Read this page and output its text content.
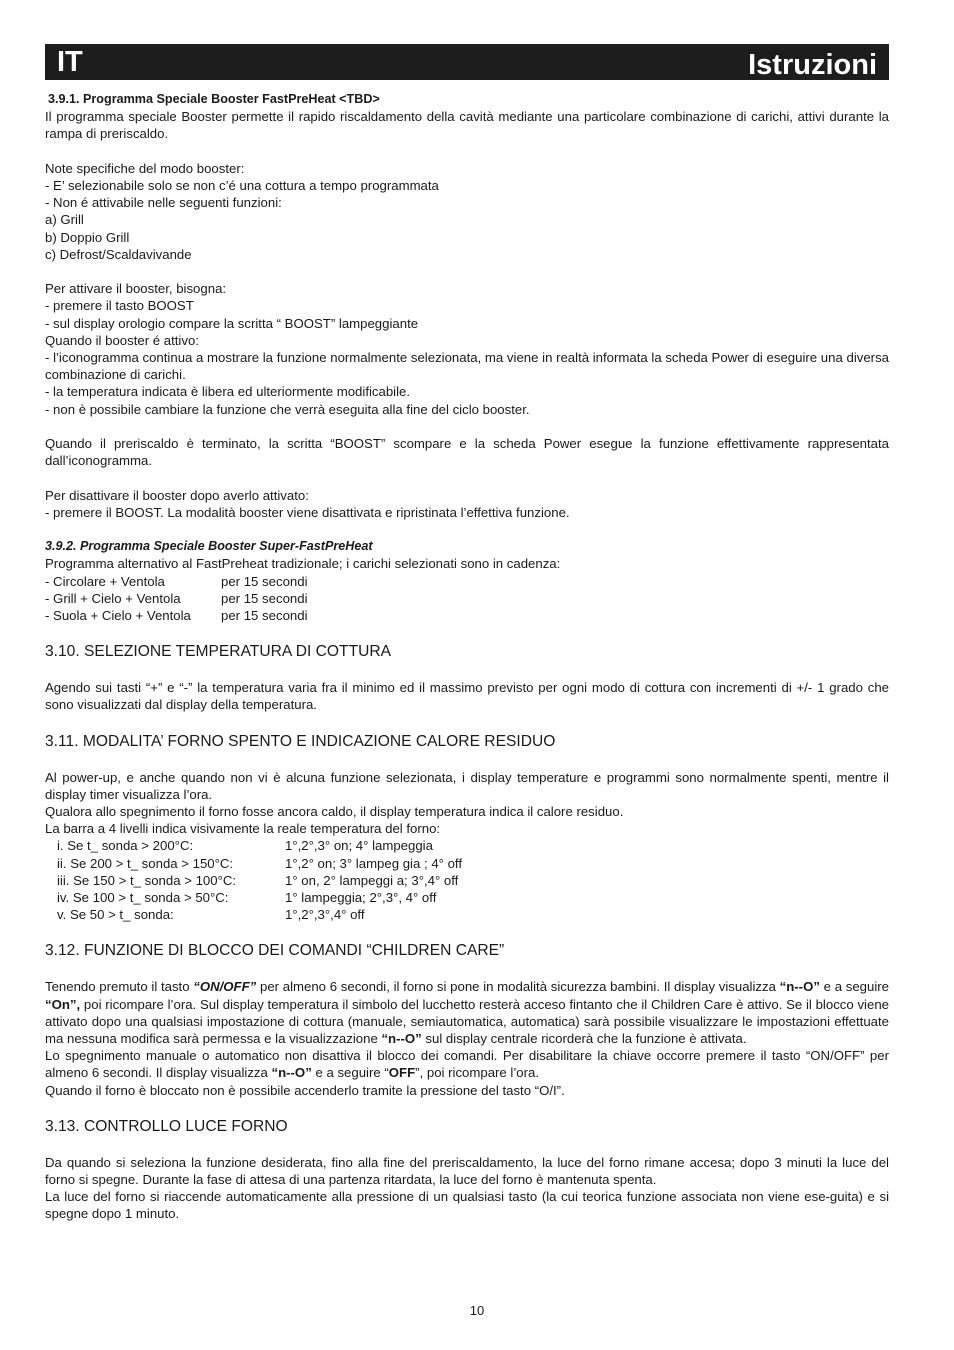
IT	Istruzioni

3.9.1. Programma Speciale Booster FastPreHeat <TBD>

Il programma speciale Booster permette il rapido riscaldamento della cavità mediante una particolare combinazione di carichi, attivi durante la rampa di preriscaldo.

Note specifiche del modo booster:

- E’ selezionabile solo se non c’é una cottura a tempo programmata

- Non é attivabile nelle seguenti funzioni:

a) Grill

b) Doppio Grill

c) Defrost/Scaldavivande

Per attivare il booster, bisogna:

- premere il tasto BOOST

- sul display orologio compare la scritta “ BOOST” lampeggiante

Quando il booster é attivo:

- l’iconogramma continua a mostrare la funzione normalmente selezionata, ma viene in realtà informata la scheda Power di eseguire una diversa combinazione di carichi.

- la temperatura indicata è libera ed ulteriormente modificabile.

- non è possibile cambiare la funzione che verrà eseguita alla fine del ciclo booster.

Quando il preriscaldo è terminato, la scritta “BOOST” scompare e la scheda Power esegue la funzione effettivamente rappresentata dall’iconogramma.

Per disattivare il booster dopo averlo attivato:

- premere il BOOST. La modalità booster viene disattivata e ripristinata l’effettiva funzione.

3.9.2. Programma Speciale Booster Super-FastPreHeat

Programma alternativo al FastPreheat tradizionale; i carichi selezionati sono in cadenza:

- Circolare + Ventola	per 15 secondi
- Grill + Cielo + Ventola	per 15 secondi
- Suola + Cielo + Ventola	per 15 secondi

3.10. SELEZIONE TEMPERATURA DI COTTURA

Agendo sui tasti “+” e “-” la temperatura varia fra il minimo ed il massimo previsto per ogni modo di cottura con incrementi di +/- 1 grado che sono visualizzati dal display della temperatura.

3.11. MODALITA’ FORNO SPENTO E INDICAZIONE CALORE RESIDUO

Al power-up, e anche quando non vi è alcuna funzione selezionata, i display temperature e programmi sono normalmente spenti, mentre il display timer visualizza l’ora.

Qualora allo spegnimento il forno fosse ancora caldo, il display temperatura indica il calore residuo.

La barra a 4 livelli indica visivamente la reale temperatura del forno:

i. Se t_ sonda > 200°C:	1°,2°,3° on; 4° lampeggia
ii. Se 200 > t_ sonda > 150°C:	1°,2° on; 3° lampeg gia ; 4° off
iii. Se 150 > t_ sonda > 100°C:	1° on, 2° lampeggi a; 3°,4° off
iv. Se 100 > t_ sonda > 50°C:	1° lampeggia; 2°,3°, 4° off
v. Se 50 > t_ sonda:	1°,2°,3°,4° off

3.12. FUNZIONE DI BLOCCO DEI COMANDI “CHILDREN CARE”

Tenendo premuto il tasto “ON/OFF” per almeno 6 secondi, il forno si pone in modalità sicurezza bambini. Il display visualizza “n--O” e a seguire “On”, poi ricompare l’ora. Sul display temperatura il simbolo del lucchetto resterà acceso fintanto che il Children Care è attivo. Se il blocco viene attivato dopo una qualsiasi impostazione di cottura (manuale, semiautomatica, automatica) sarà possibile visualizzare le impostazioni effettuate ma nessuna modifica sarà permessa e la visualizzazione “n--O” sul display centrale ricorderà che la funzione è attivata.

Lo spegnimento manuale o automatico non disattiva il blocco dei comandi. Per disabilitare la chiave occorre premere il tasto “ON/OFF” per almeno 6 secondi. Il display visualizza “n--O” e a seguire “OFF”, poi ricompare l’ora.

Quando il forno è bloccato non è possibile accenderlo tramite la pressione del tasto “O/I”.

3.13. CONTROLLO LUCE FORNO

Da quando si seleziona la funzione desiderata, fino alla fine del preriscaldamento, la luce del forno rimane accesa; dopo 3 minuti la luce del forno si spegne. Durante la fase di attesa di una partenza ritardata, la luce del forno è mantenuta spenta.

La luce del forno si riaccende automaticamente alla pressione di un qualsiasi tasto (la cui teorica funzione associata non viene ese-guita) e si spegne dopo 1 minuto.

10
